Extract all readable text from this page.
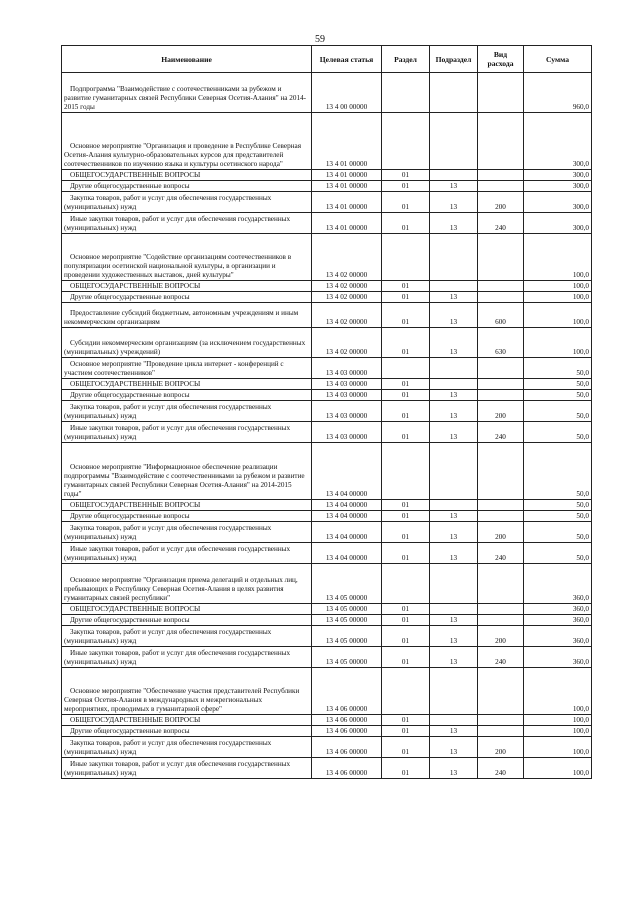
59
Наименование	Целевая статья	Раздел	Подраздел	Вид расхода	Сумма
Подпрограмма "Взаимодействие с соотечественниками за рубежом и развитие гуманитарных связей Республики Северная Осетия-Алания" на 2014-2015 годы	13 4 00 00000				960,0
Основное мероприятие "Организация и проведение в Республике Северная Осетия-Алания культурно-образовательных курсов для представителей соотечественников по изучению языка и культуры осетинского народа"	13 4 01 00000				300,0
ОБЩЕГОСУДАРСТВЕННЫЕ ВОПРОСЫ	13 4 01 00000	01			300,0
Другие общегосударственные вопросы	13 4 01 00000	01	13		300,0
Закупка товаров, работ и услуг для обеспечения государственных (муниципальных) нужд	13 4 01 00000	01	13	200	300,0
Иные закупки товаров, работ и услуг для обеспечения государственных (муниципальных) нужд	13 4 01 00000	01	13	240	300,0
Основное мероприятие "Содействие организациям соотечественников в популяризации осетинской национальной культуры, в организации и проведении художественных выставок, дней культуры"	13 4 02 00000				100,0
ОБЩЕГОСУДАРСТВЕННЫЕ ВОПРОСЫ	13 4 02 00000	01			100,0
Другие общегосударственные вопросы	13 4 02 00000	01	13		100,0
Предоставление субсидий бюджетным, автономным учреждениям и иным некоммерческим организациям	13 4 02 00000	01	13	600	100,0
Субсидии некоммерческим организациям (за исключением государственных (муниципальных) учреждений)	13 4 02 00000	01	13	630	100,0
Основное мероприятие "Проведение цикла интернет - конференций с участием соотечественников"	13 4 03 00000				50,0
ОБЩЕГОСУДАРСТВЕННЫЕ ВОПРОСЫ	13 4 03 00000	01			50,0
Другие общегосударственные вопросы	13 4 03 00000	01	13		50,0
Закупка товаров, работ и услуг для обеспечения государственных (муниципальных) нужд	13 4 03 00000	01	13	200	50,0
Иные закупки товаров, работ и услуг для обеспечения государственных (муниципальных) нужд	13 4 03 00000	01	13	240	50,0
Основное мероприятие "Информационное обеспечение реализации подпрограммы "Взаимодействие с соотечественниками за рубежом и развитие гуманитарных связей Республики Северная Осетия-Алания" на 2014-2015 годы"	13 4 04 00000				50,0
ОБЩЕГОСУДАРСТВЕННЫЕ ВОПРОСЫ	13 4 04 00000	01			50,0
Другие общегосударственные вопросы	13 4 04 00000	01	13		50,0
Закупка товаров, работ и услуг для обеспечения государственных (муниципальных) нужд	13 4 04 00000	01	13	200	50,0
Иные закупки товаров, работ и услуг для обеспечения государственных (муниципальных) нужд	13 4 04 00000	01	13	240	50,0
Основное мероприятие "Организация приема делегаций и отдельных лиц, пребывающих в Республику Северная Осетия-Алания в целях развития гуманитарных связей республики"	13 4 05 00000				360,0
ОБЩЕГОСУДАРСТВЕННЫЕ ВОПРОСЫ	13 4 05 00000	01			360,0
Другие общегосударственные вопросы	13 4 05 00000	01	13		360,0
Закупка товаров, работ и услуг для обеспечения государственных (муниципальных) нужд	13 4 05 00000	01	13	200	360,0
Иные закупки товаров, работ и услуг для обеспечения государственных (муниципальных) нужд	13 4 05 00000	01	13	240	360,0
Основное мероприятие "Обеспечение участия представителей Республики Северная Осетия-Алания в международных и межрегиональных мероприятиях, проводимых в гуманитарной сфере"	13 4 06 00000				100,0
ОБЩЕГОСУДАРСТВЕННЫЕ ВОПРОСЫ	13 4 06 00000	01			100,0
Другие общегосударственные вопросы	13 4 06 00000	01	13		100,0
Закупка товаров, работ и услуг для обеспечения государственных (муниципальных) нужд	13 4 06 00000	01	13	200	100,0
Иные закупки товаров, работ и услуг для обеспечения государственных (муниципальных) нужд	13 4 06 00000	01	13	240	100,0
